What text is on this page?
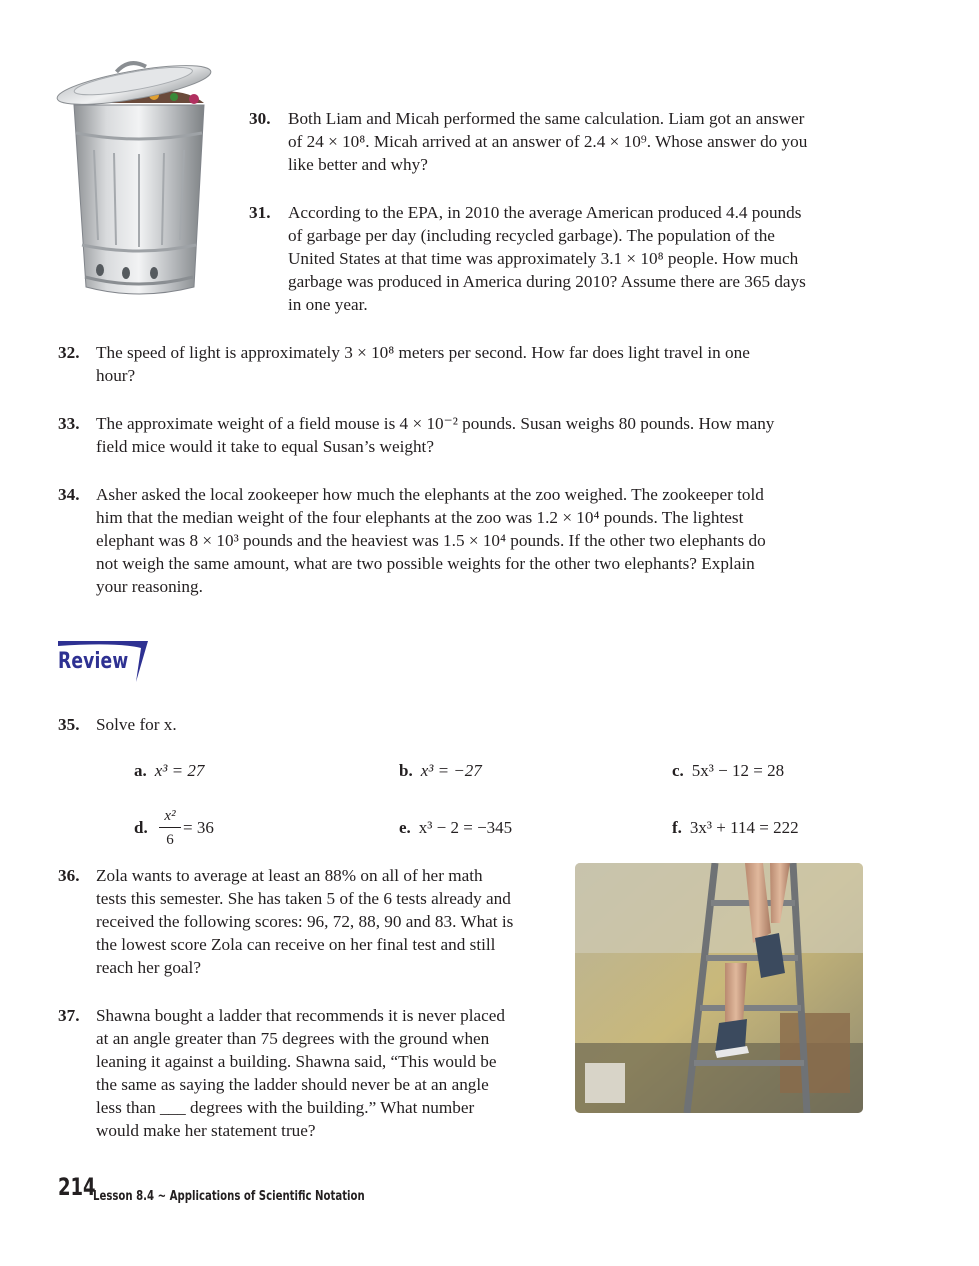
30. Both Liam and Micah performed the same calculation. Liam got an answer
of 24 × 10⁸. Micah arrived at an answer of 2.4 × 10⁹. Whose answer do you
like better and why?
31. According to the EPA, in 2010 the average American produced 4.4 pounds
of garbage per day (including recycled garbage). The population of the
United States at that time was approximately 3.1 × 10⁸ people. How much
garbage was produced in America during 2010? Assume there are 365 days
in one year.
32. The speed of light is approximately 3 × 10⁸ meters per second. How far does light travel in one
hour?
33. The approximate weight of a field mouse is 4 × 10⁻² pounds. Susan weighs 80 pounds. How many
field mice would it take to equal Susan’s weight?
34. Asher asked the local zookeeper how much the elephants at the zoo weighed. The zookeeper told
him that the median weight of the four elephants at the zoo was 1.2 × 10⁴ pounds. The lightest
elephant was 8 × 10³ pounds and the heaviest was 1.5 × 10⁴ pounds. If the other two elephants do
not weigh the same amount, what are two possible weights for the other two elephants? Explain
your reasoning.
Review
35. Solve for x.
a. x³ = 27	b. x³ = −27	c. 5x³ − 12 = 28
d.
x²
6
= 36	e. x³ − 2 = −345	f. 3x³ + 114 = 222
36. Zola wants to average at least an 88% on all of her math
tests this semester. She has taken 5 of the 6 tests already and
received the following scores: 96, 72, 88, 90 and 83. What is
the lowest score Zola can receive on her final test and still
reach her goal?
37. Shawna bought a ladder that recommends it is never placed
at an angle greater than 75 degrees with the ground when
leaning it against a building. Shawna said, “This would be
the same as saying the ladder should never be at an angle
less than ___ degrees with the building.” What number
would make her statement true?
214
Lesson 8.4 ~ Applications of Scientific Notation
